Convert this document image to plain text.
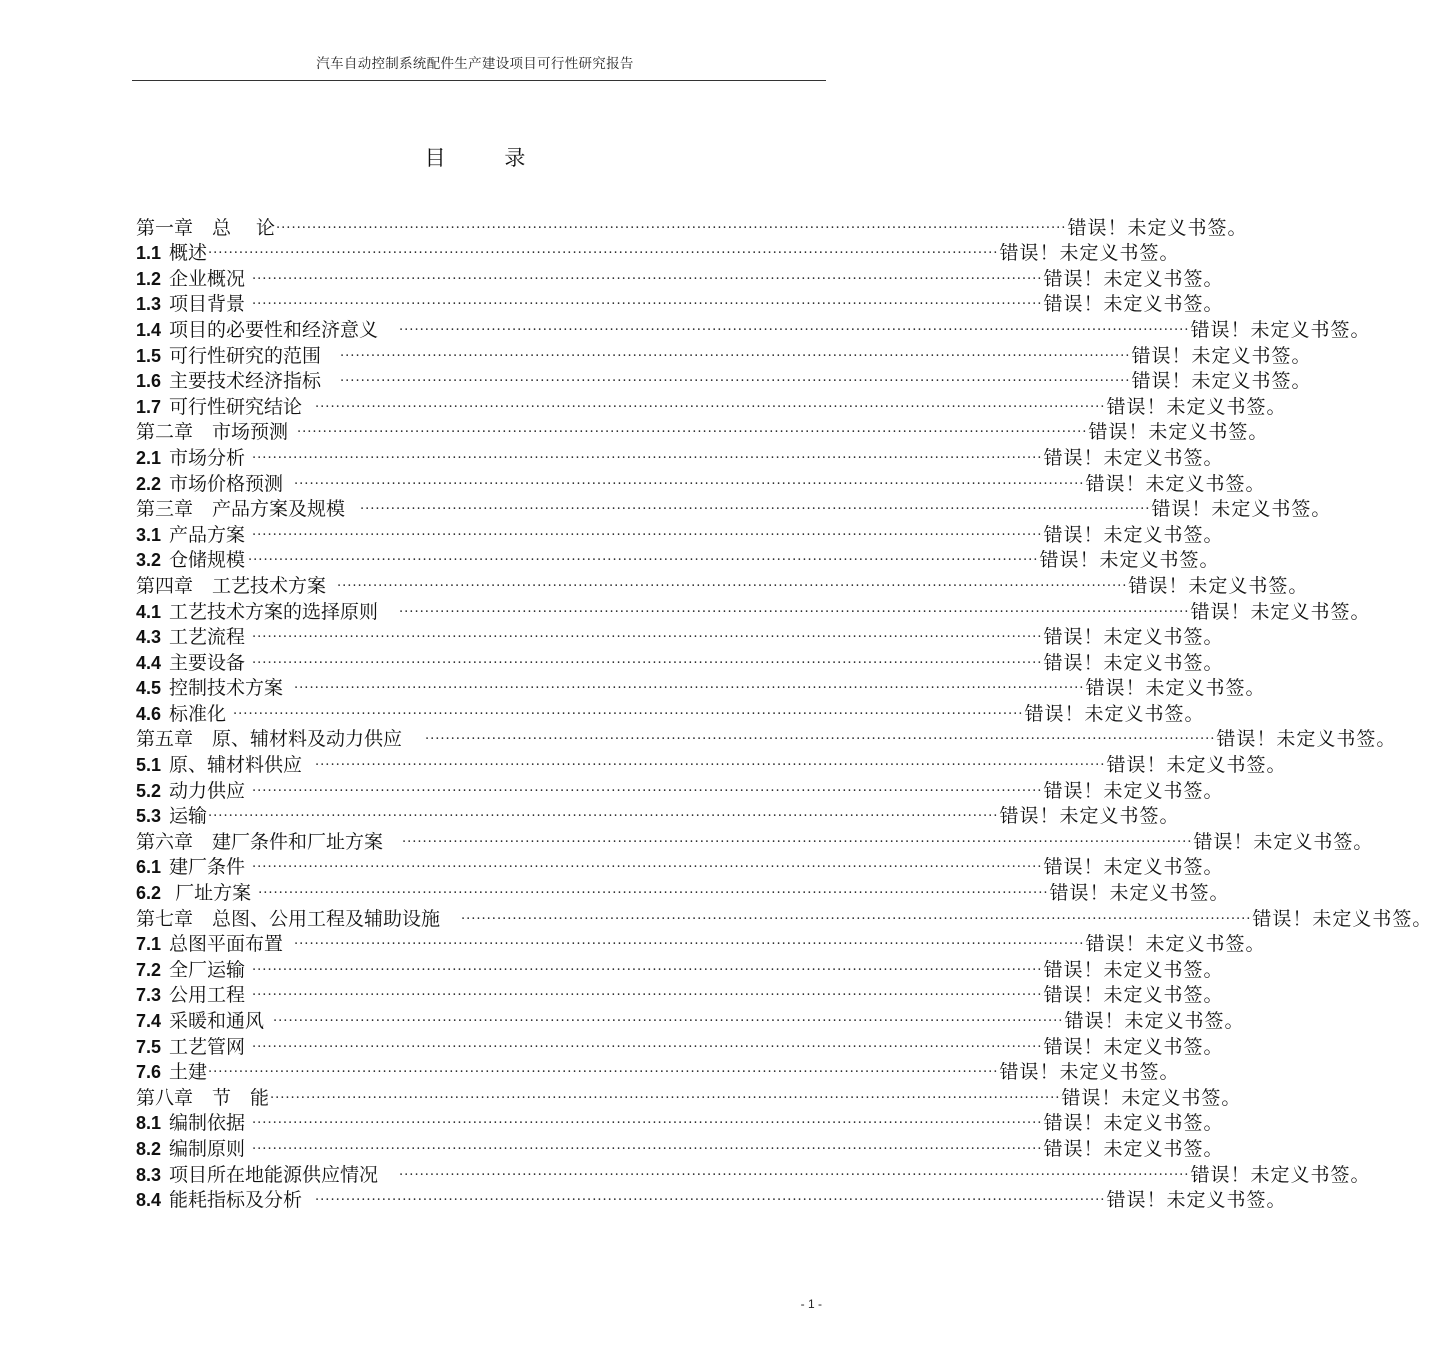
汽车自动控制系统配件生产建设项目可行性研究报告
目 录
第一章　总　 论 .......................................................................................................................................................... 错误！未定义书签。
1.1 概述 .......................................................................................................................................................... 错误！未定义书签。
1.2 企业概况 .......................................................................................................................................................... 错误！未定义书签。
1.3 项目背景 .......................................................................................................................................................... 错误！未定义书签。
1.4 项目的必要性和经济意义	.......................................................................................................................................................... 错误！未定义书签。
1.5 可行性研究的范围	.......................................................................................................................................................... 错误！未定义书签。
1.6 主要技术经济指标	.......................................................................................................................................................... 错误！未定义书签。
1.7 可行性研究结论	.......................................................................................................................................................... 错误！未定义书签。
第二章　市场预测 .......................................................................................................................................................... 错误！未定义书签。
2.1 市场分析 .......................................................................................................................................................... 错误！未定义书签。
2.2 市场价格预测 .......................................................................................................................................................... 错误！未定义书签。
第三章　产品方案及规模	.......................................................................................................................................................... 错误！未定义书签。
3.1 产品方案 .......................................................................................................................................................... 错误！未定义书签。
3.2 仓储规模 .......................................................................................................................................................... 错误！未定义书签。
第四章　工艺技术方案 .......................................................................................................................................................... 错误！未定义书签。
4.1 工艺技术方案的选择原则	.......................................................................................................................................................... 错误！未定义书签。
4.3 工艺流程 .......................................................................................................................................................... 错误！未定义书签。
4.4 主要设备 .......................................................................................................................................................... 错误！未定义书签。
4.5 控制技术方案 .......................................................................................................................................................... 错误！未定义书签。
4.6 标准化 .......................................................................................................................................................... 错误！未定义书签。
第五章　原、辅材料及动力供应	.......................................................................................................................................................... 错误！未定义书签。
5.1 原、辅材料供应	.......................................................................................................................................................... 错误！未定义书签。
5.2 动力供应 .......................................................................................................................................................... 错误！未定义书签。
5.3 运输 .......................................................................................................................................................... 错误！未定义书签。
第六章　建厂条件和厂址方案	.......................................................................................................................................................... 错误！未定义书签。
6.1 建厂条件 .......................................................................................................................................................... 错误！未定义书签。
6.2 厂址方案 .......................................................................................................................................................... 错误！未定义书签。
第七章　总图、公用工程及辅助设施	.......................................................................................................................................................... 错误！未定义书签。
7.1 总图平面布置 .......................................................................................................................................................... 错误！未定义书签。
7.2 全厂运输 .......................................................................................................................................................... 错误！未定义书签。
7.3 公用工程 .......................................................................................................................................................... 错误！未定义书签。
7.4 采暖和通风 .......................................................................................................................................................... 错误！未定义书签。
7.5 工艺管网 .......................................................................................................................................................... 错误！未定义书签。
7.6 土建 .......................................................................................................................................................... 错误！未定义书签。
第八章　节　能 .......................................................................................................................................................... 错误！未定义书签。
8.1 编制依据 .......................................................................................................................................................... 错误！未定义书签。
8.2 编制原则 .......................................................................................................................................................... 错误！未定义书签。
8.3 项目所在地能源供应情况	.......................................................................................................................................................... 错误！未定义书签。
8.4 能耗指标及分析	.......................................................................................................................................................... 错误！未定义书签。
- 1 -
